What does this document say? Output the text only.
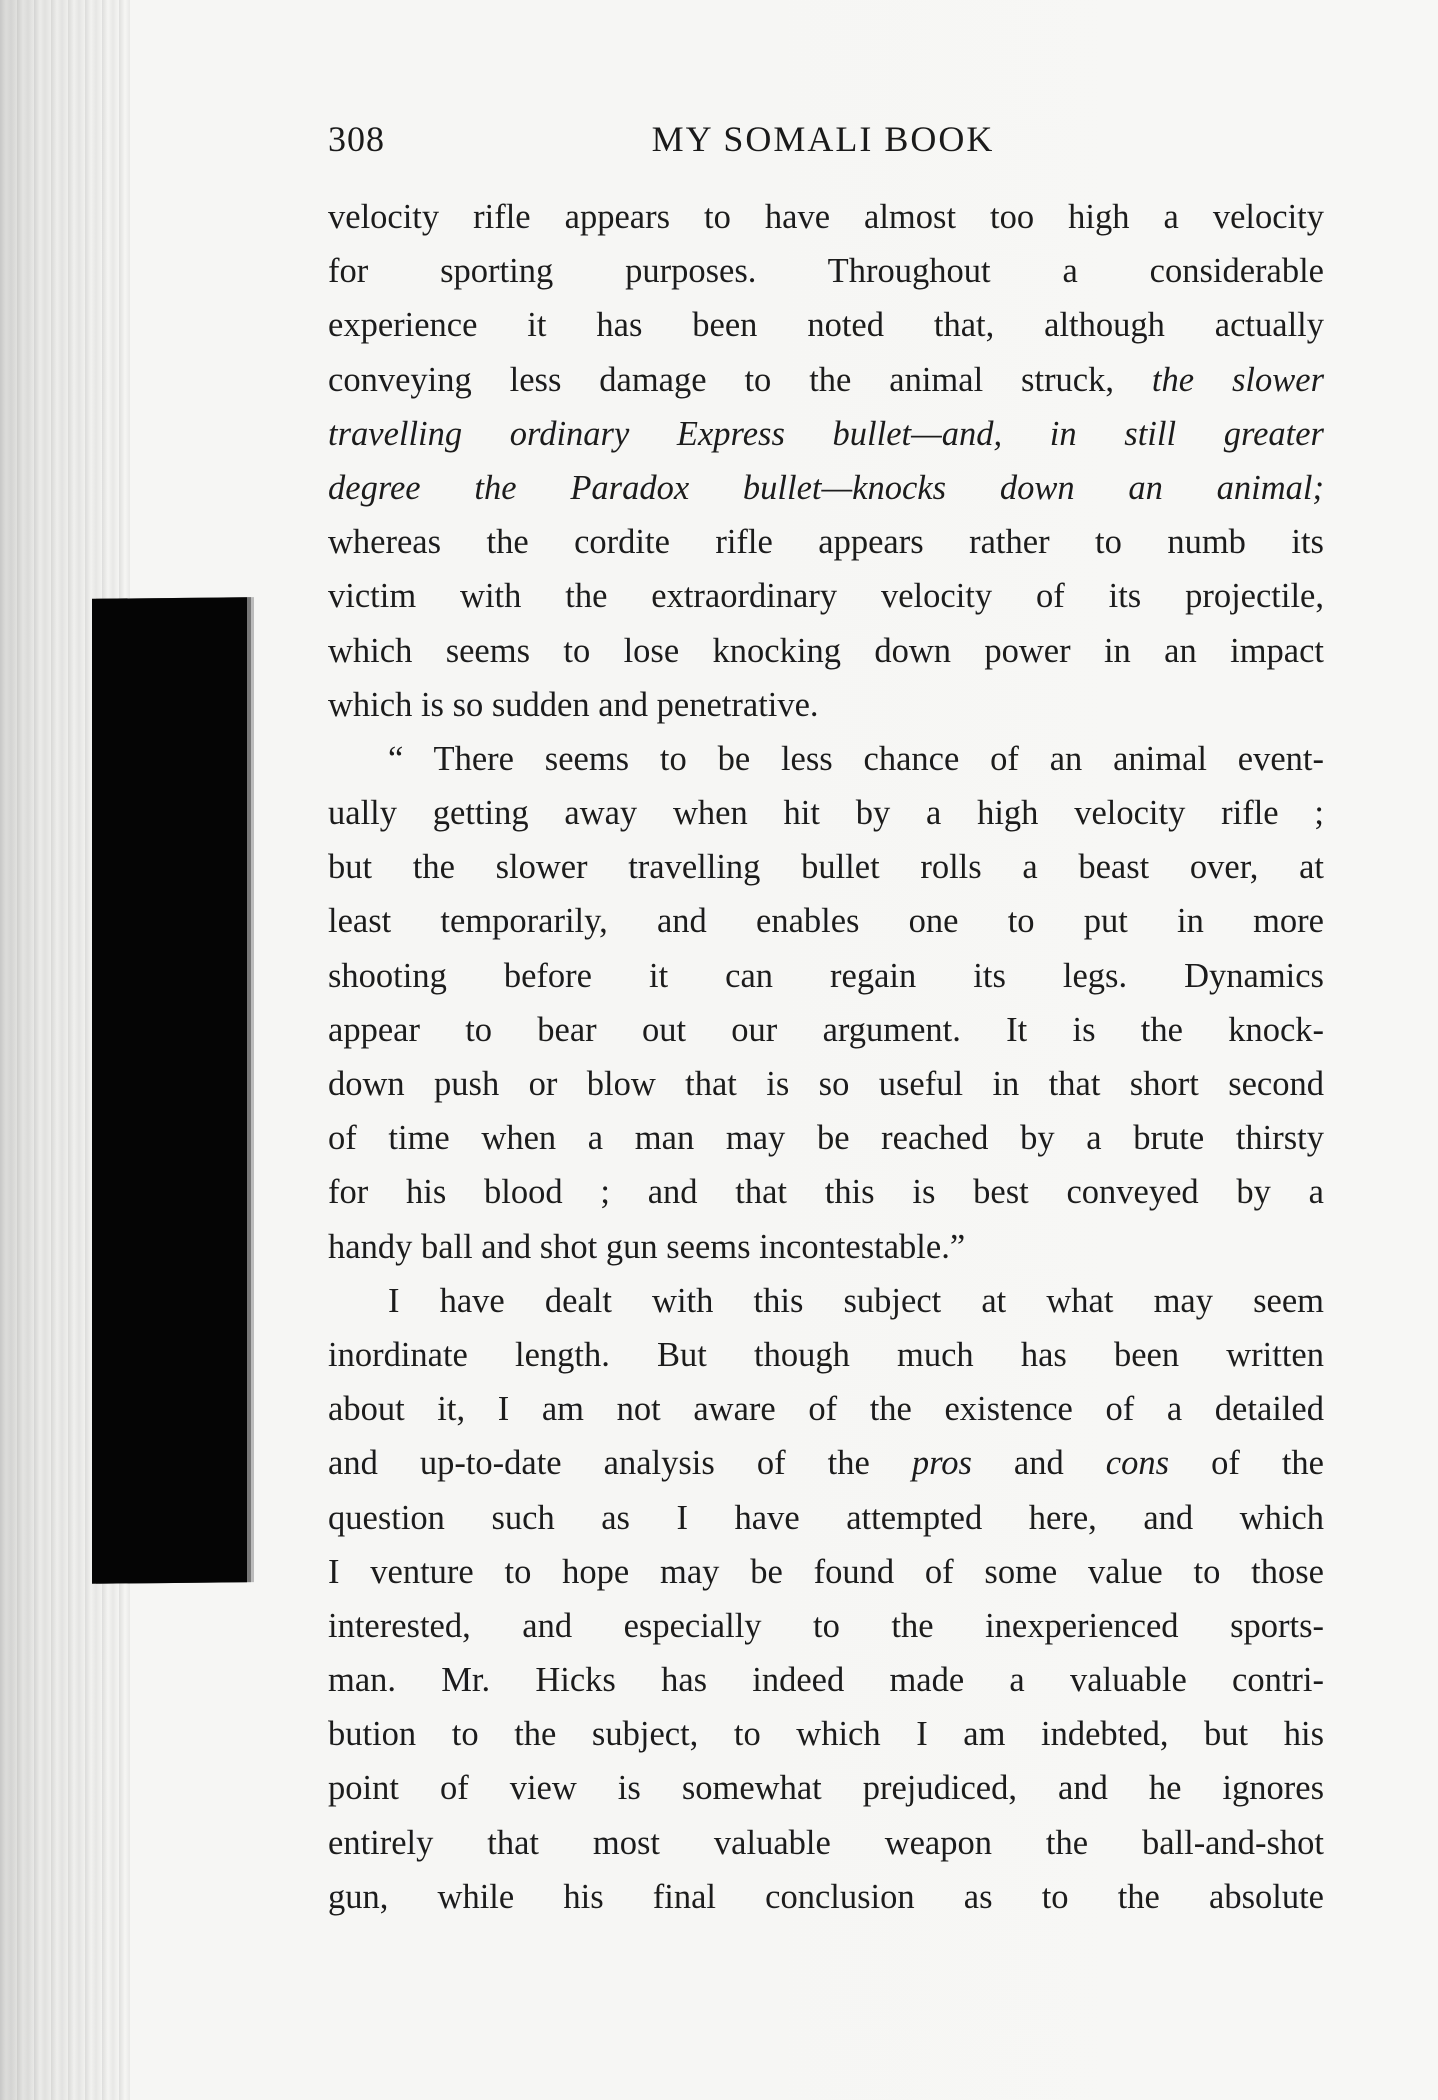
308	MY SOMALI BOOK
velocity rifle appears to have almost too high a velocity
for sporting purposes. Throughout a considerable
experience it has been noted that, although actually
conveying less damage to the animal struck, the slower
travelling ordinary Express bullet—and, in still greater
degree the Paradox bullet—knocks down an animal;
whereas the cordite rifle appears rather to numb its
victim with the extraordinary velocity of its projectile,
which seems to lose knocking down power in an impact
which is so sudden and penetrative.
“ There seems to be less chance of an animal event-
ually getting away when hit by a high velocity rifle ;
but the slower travelling bullet rolls a beast over, at
least temporarily, and enables one to put in more
shooting before it can regain its legs. Dynamics
appear to bear out our argument. It is the knock-
down push or blow that is so useful in that short second
of time when a man may be reached by a brute thirsty
for his blood ; and that this is best conveyed by a
handy ball and shot gun seems incontestable.”
I have dealt with this subject at what may seem
inordinate length. But though much has been written
about it, I am not aware of the existence of a detailed
and up-to-date analysis of the pros and cons of the
question such as I have attempted here, and which
I venture to hope may be found of some value to those
interested, and especially to the inexperienced sports-
man. Mr. Hicks has indeed made a valuable contri-
bution to the subject, to which I am indebted, but his
point of view is somewhat prejudiced, and he ignores
entirely that most valuable weapon the ball-and-shot
gun, while his final conclusion as to the absolute
